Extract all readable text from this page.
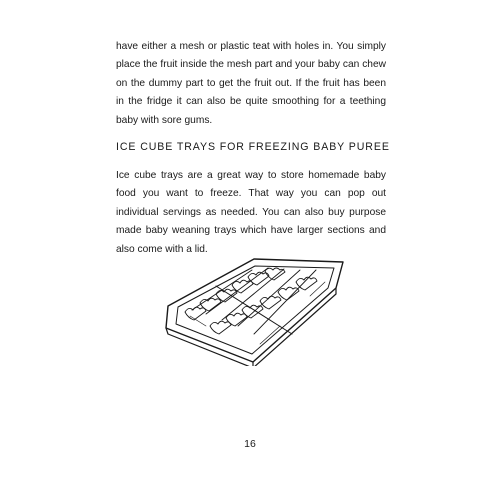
have either a mesh or plastic teat with holes in. You simply place the fruit inside the mesh part and your baby can chew on the dummy part to get the fruit out. If the fruit has been in the fridge it can also be quite smoothing for a teething baby with sore gums.

ICE CUBE TRAYS FOR FREEZING BABY PUREE

Ice cube trays are a great way to store homemade baby food you want to freeze. That way you can pop out individual servings as needed. You can also buy purpose made baby weaning trays which have larger sections and also come with a lid.

16
